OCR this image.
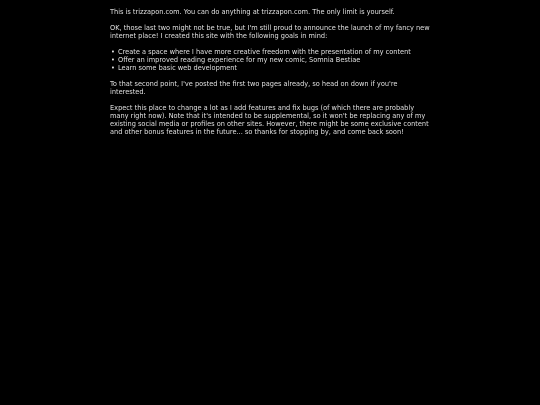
This is trizzapon.com. You can do anything at trizzapon.com. The only limit is yourself.

OK, those last two might not be true, but I'm still proud to announce the launch of my fancy new internet place! I created this site with the following goals in mind:

• Create a space where I have more creative freedom with the presentation of my content
• Offer an improved reading experience for my new comic, Somnia Bestiae
• Learn some basic web development

To that second point, I've posted the first two pages already, so head on down if you're interested.

Expect this place to change a lot as I add features and fix bugs (of which there are probably many right now). Note that it's intended to be supplemental, so it won't be replacing any of my existing social media or profiles on other sites. However, there might be some exclusive content and other bonus features in the future... so thanks for stopping by, and come back soon!
